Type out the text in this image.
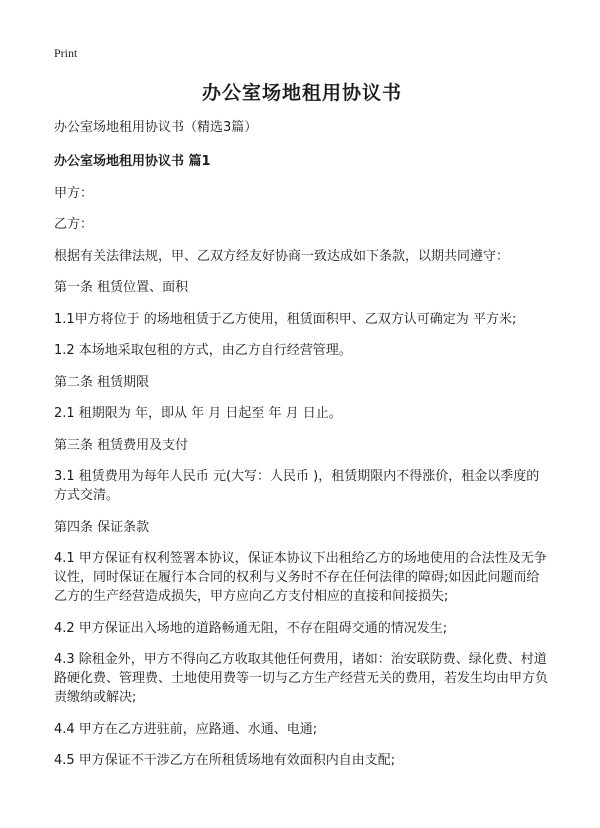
Print
办公室场地租用协议书
办公室场地租用协议书（精选3篇）
办公室场地租用协议书 篇1
甲方：
乙方：
根据有关法律法规，甲、乙双方经友好协商一致达成如下条款，以期共同遵守：
第一条 租赁位置、面积
1.1甲方将位于 的场地租赁于乙方使用，租赁面积甲、乙双方认可确定为 平方米;
1.2 本场地采取包租的方式，由乙方自行经营管理。
第二条 租赁期限
2.1 租期限为 年，即从 年 月 日起至 年 月 日止。
第三条 租赁费用及支付
3.1 租赁费用为每年人民币 元(大写：人民币 )，租赁期限内不得涨价，租金以季度的方式交清。
第四条 保证条款
4.1 甲方保证有权利签署本协议，保证本协议下出租给乙方的场地使用的合法性及无争议性，同时保证在履行本合同的权利与义务时不存在任何法律的障碍;如因此问题而给乙方的生产经营造成损失，甲方应向乙方支付相应的直接和间接损失;
4.2 甲方保证出入场地的道路畅通无阻，不存在阻碍交通的情况发生;
4.3 除租金外，甲方不得向乙方收取其他任何费用，诸如：治安联防费、绿化费、村道路硬化费、管理费、土地使用费等一切与乙方生产经营无关的费用，若发生均由甲方负责缴纳或解决;
4.4 甲方在乙方进驻前，应路通、水通、电通;
4.5 甲方保证不干涉乙方在所租赁场地有效面积内自由支配;
